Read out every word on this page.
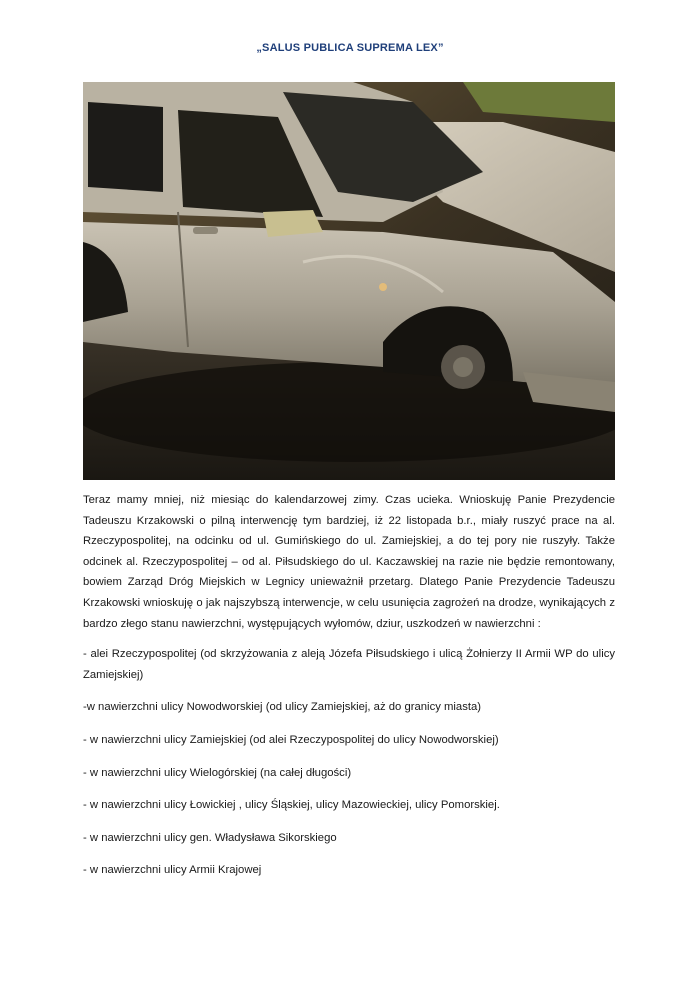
„SALUS PUBLICA SUPREMA LEX”

Teraz mamy mniej, niż miesiąc do kalendarzowej zimy. Czas ucieka. Wnioskuję Panie Prezydencie Tadeuszu Krzakowski o pilną interwencję tym bardziej, iż 22 listopada b.r., miały ruszyć prace na al. Rzeczypospolitej, na odcinku od ul. Gumińskiego do ul. Zamiejskiej, a do tej pory nie ruszyły. Także odcinek al. Rzeczypospolitej – od al. Piłsudskiego do ul. Kaczawskiej na razie nie będzie remontowany, bowiem Zarząd Dróg Miejskich w Legnicy unieważnił przetarg. Dlatego Panie Prezydencie Tadeuszu Krzakowski wnioskuję o jak najszybszą interwencje, w celu usunięcia zagrożeń na drodze, wynikających z bardzo złego stanu nawierzchni, występujących wyłomów, dziur, uszkodzeń w nawierzchni :

- alei Rzeczypospolitej (od skrzyżowania z aleją Józefa Piłsudskiego i ulicą Żołnierzy II Armii WP do ulicy Zamiejskiej)
-w nawierzchni ulicy Nowodworskiej (od ulicy Zamiejskiej, aż do granicy miasta)
- w nawierzchni ulicy Zamiejskiej (od alei Rzeczypospolitej do ulicy Nowodworskiej)
- w nawierzchni ulicy Wielogórskiej (na całej długości)
- w nawierzchni ulicy Łowickiej , ulicy Śląskiej, ulicy Mazowieckiej, ulicy Pomorskiej.
- w nawierzchni ulicy gen. Władysława Sikorskiego
- w nawierzchni ulicy Armii Krajowej
